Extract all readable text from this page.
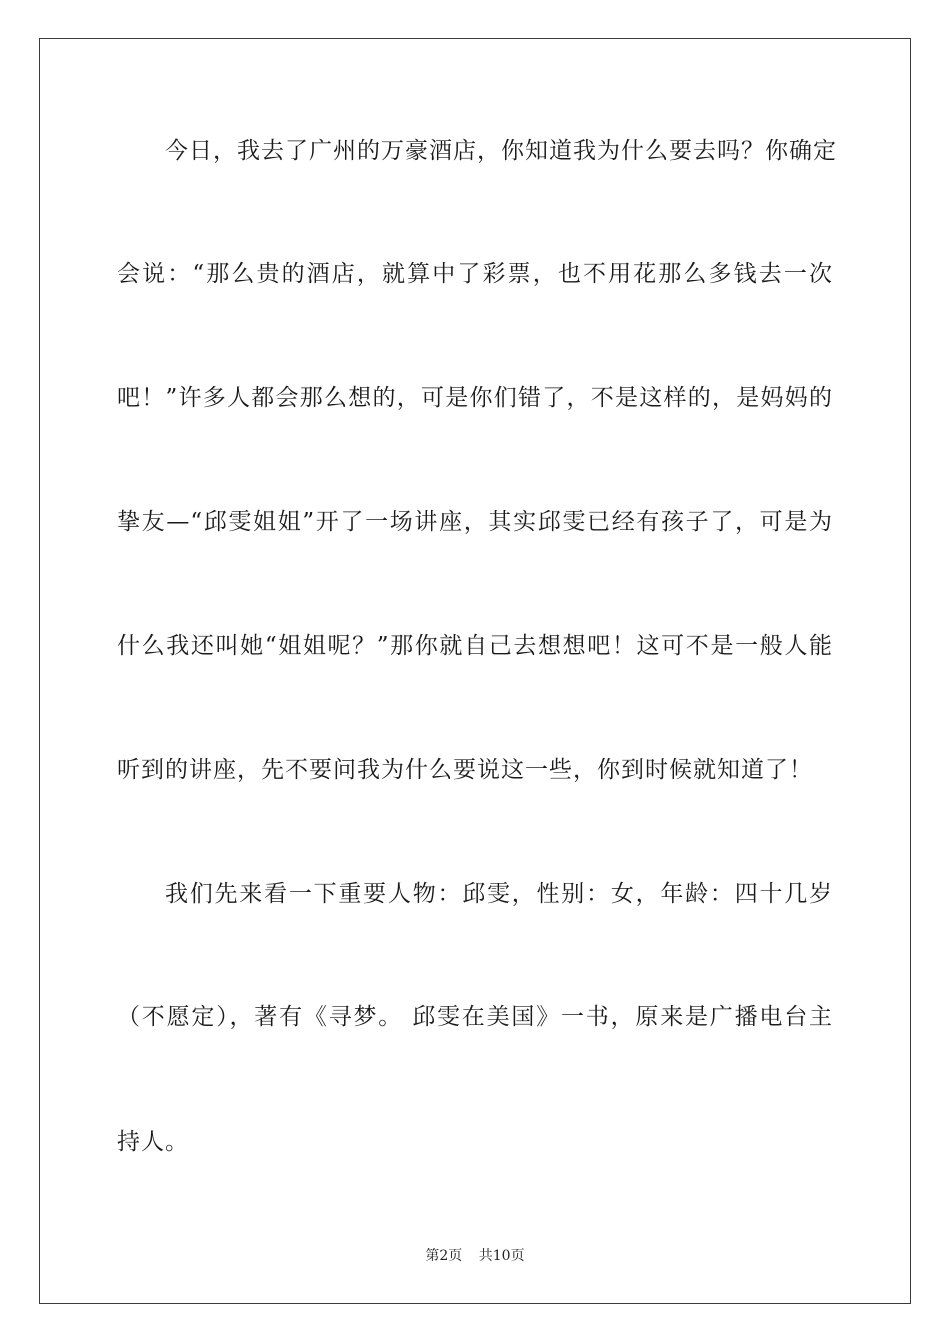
今日，我去了广州的万豪酒店，你知道我为什么要去吗？你确定
会说：“那么贵的酒店，就算中了彩票，也不用花那么多钱去一次
吧！”许多人都会那么想的，可是你们错了，不是这样的，是妈妈的
挚友—“邱雯姐姐”开了一场讲座，其实邱雯已经有孩子了，可是为
什么我还叫她“姐姐呢？”那你就自己去想想吧！这可不是一般人能
听到的讲座，先不要问我为什么要说这一些，你到时候就知道了！
我们先来看一下重要人物：邱雯，性别：女，年龄：四十几岁
（不愿定），著有《寻梦。 邱雯在美国》一书，原来是广播电台主
持人。
第2页 共10页
